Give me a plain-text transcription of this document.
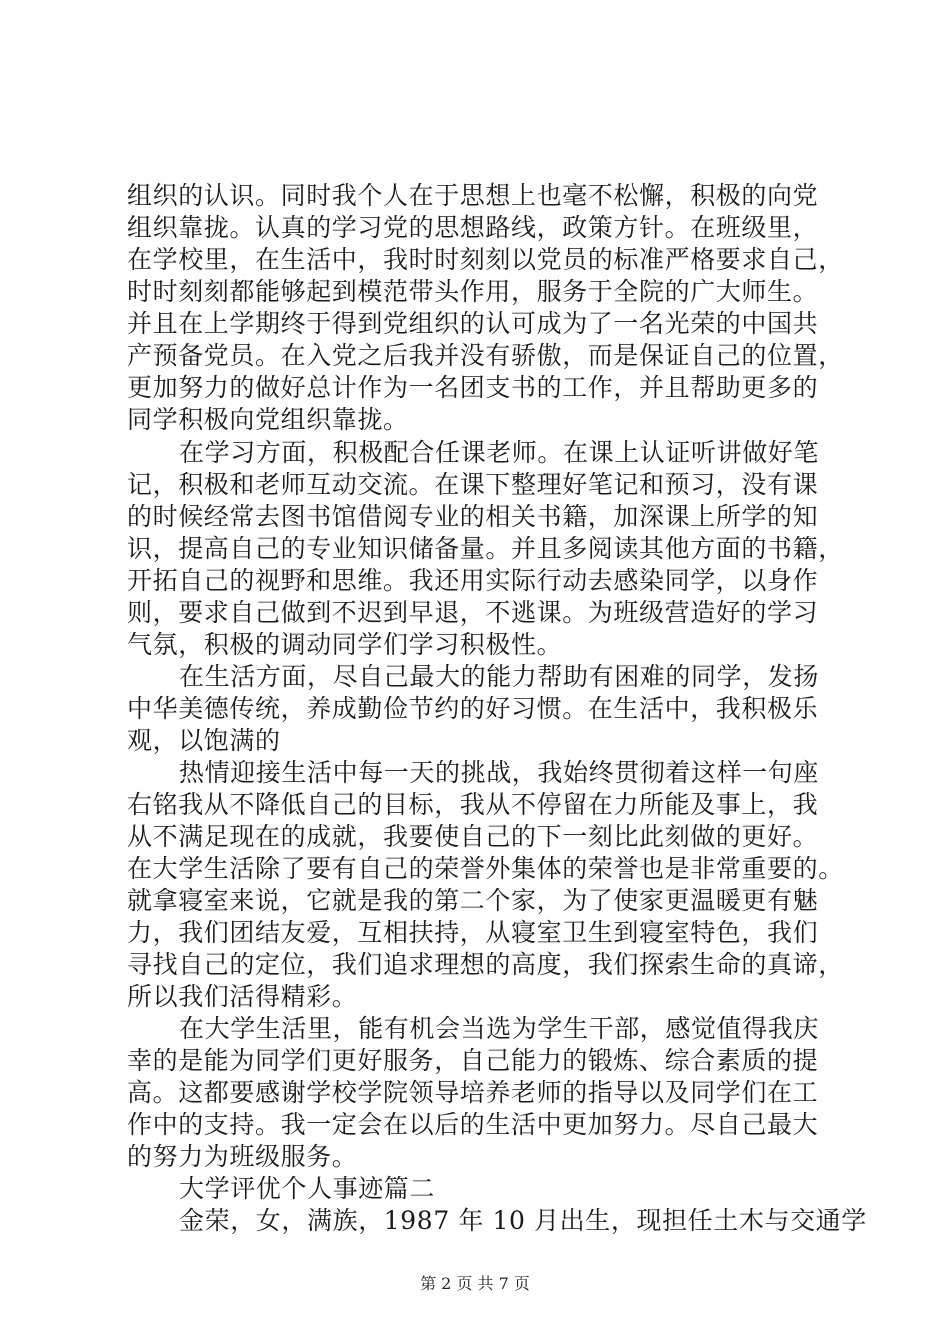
组织的认识。同时我个人在于思想上也毫不松懈，积极的向党
组织靠拢。认真的学习党的思想路线，政策方针。在班级里，
在学校里，在生活中，我时时刻刻以党员的标准严格要求自己，
时时刻刻都能够起到模范带头作用，服务于全院的广大师生。
并且在上学期终于得到党组织的认可成为了一名光荣的中国共
产预备党员。在入党之后我并没有骄傲，而是保证自己的位置，
更加努力的做好总计作为一名团支书的工作，并且帮助更多的
同学积极向党组织靠拢。
在学习方面，积极配合任课老师。在课上认证听讲做好笔
记，积极和老师互动交流。在课下整理好笔记和预习，没有课
的时候经常去图书馆借阅专业的相关书籍，加深课上所学的知
识，提高自己的专业知识储备量。并且多阅读其他方面的书籍，
开拓自己的视野和思维。我还用实际行动去感染同学，以身作
则，要求自己做到不迟到早退，不逃课。为班级营造好的学习
气氛，积极的调动同学们学习积极性。
在生活方面，尽自己最大的能力帮助有困难的同学，发扬
中华美德传统，养成勤俭节约的好习惯。在生活中，我积极乐
观，以饱满的
热情迎接生活中每一天的挑战，我始终贯彻着这样一句座
右铭我从不降低自己的目标，我从不停留在力所能及事上，我
从不满足现在的成就，我要使自己的下一刻比此刻做的更好。
在大学生活除了要有自己的荣誉外集体的荣誉也是非常重要的。
就拿寝室来说，它就是我的第二个家，为了使家更温暖更有魅
力，我们团结友爱，互相扶持，从寝室卫生到寝室特色，我们
寻找自己的定位，我们追求理想的高度，我们探索生命的真谛，
所以我们活得精彩。
在大学生活里，能有机会当选为学生干部，感觉值得我庆
幸的是能为同学们更好服务，自己能力的锻炼、综合素质的提
高。这都要感谢学校学院领导培养老师的指导以及同学们在工
作中的支持。我一定会在以后的生活中更加努力。尽自己最大
的努力为班级服务。
大学评优个人事迹篇二
金荣，女，满族，1987 年 10 月出生，现担任土木与交通学
第 2 页 共 7 页
